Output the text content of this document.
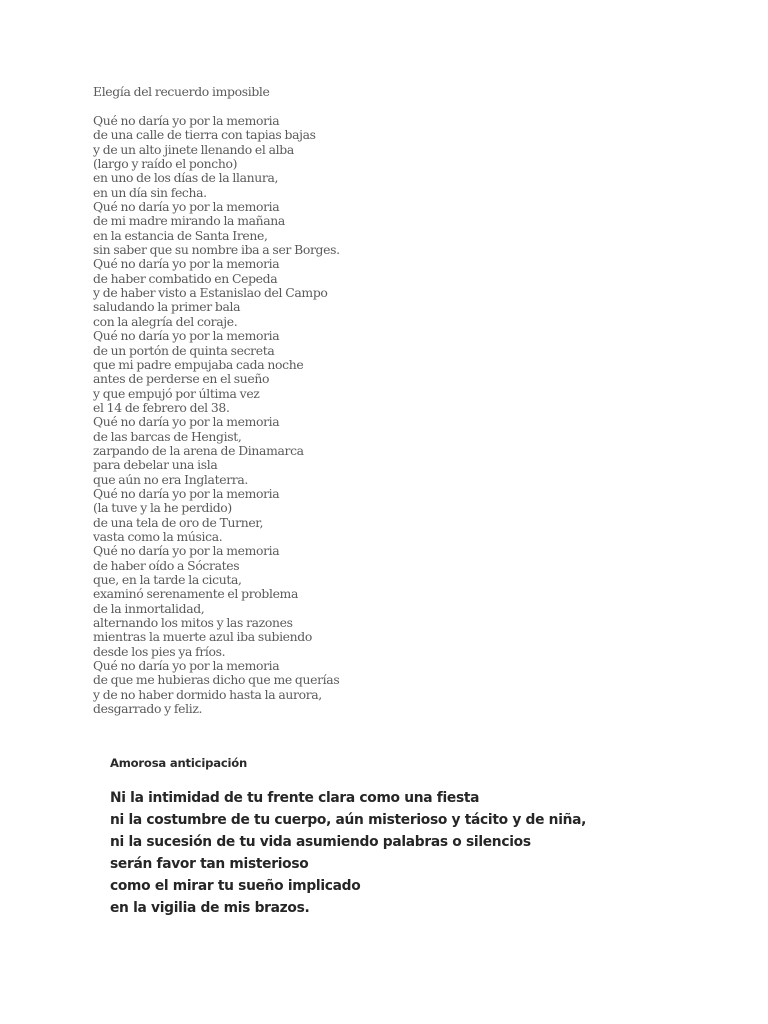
Elegía del recuerdo imposible
Qué no daría yo por la memoria
de una calle de tierra con tapias bajas
y de un alto jinete llenando el alba
(largo y raído el poncho)
en uno de los días de la llanura,
en un día sin fecha.
Qué no daría yo por la memoria
de mi madre mirando la mañana
en la estancia de Santa Irene,
sin saber que su nombre iba a ser Borges.
Qué no daría yo por la memoria
de haber combatido en Cepeda
y de haber visto a Estanislao del Campo
saludando la primer bala
con la alegría del coraje.
Qué no daría yo por la memoria
de un portón de quinta secreta
que mi padre empujaba cada noche
antes de perderse en el sueño
y que empujó por última vez
el 14 de febrero del 38.
Qué no daría yo por la memoria
de las barcas de Hengist,
zarpando de la arena de Dinamarca
para debelar una isla
que aún no era Inglaterra.
Qué no daría yo por la memoria
(la tuve y la he perdido)
de una tela de oro de Turner,
vasta como la música.
Qué no daría yo por la memoria
de haber oído a Sócrates
que, en la tarde la cicuta,
examinó serenamente el problema
de la inmortalidad,
alternando los mitos y las razones
mientras la muerte azul iba subiendo
desde los pies ya fríos.
Qué no daría yo por la memoria
de que me hubieras dicho que me querías
y de no haber dormido hasta la aurora,
desgarrado y feliz.
Amorosa anticipación
Ni la intimidad de tu frente clara como una fiesta
ni la costumbre de tu cuerpo, aún misterioso y tácito y de niña,
ni la sucesión de tu vida asumiendo palabras o silencios
serán favor tan misterioso
como el mirar tu sueño implicado
en la vigilia de mis brazos.
